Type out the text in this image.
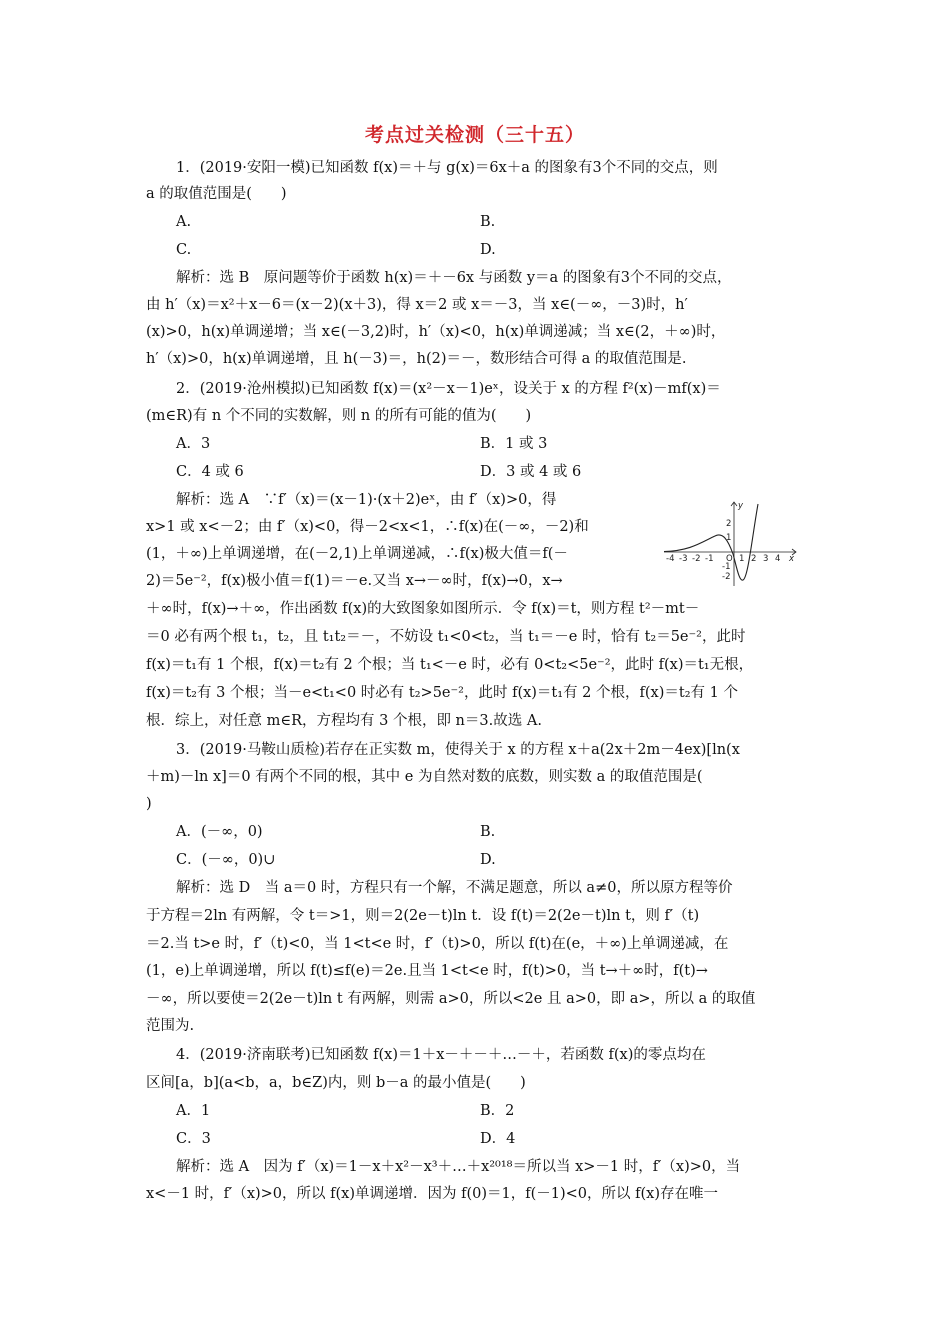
考点过关检测（三十五）
1．(2019·安阳一模)已知函数 f(x)＝＋与 g(x)＝6x＋a 的图象有3个不同的交点，则
a 的取值范围是(　　)
A.	B.
C.	D.
解析：选 B　原问题等价于函数 h(x)＝＋－6x 与函数 y＝a 的图象有3个不同的交点，
由 h′（x)＝x²＋x－6＝(x－2)(x＋3)，得 x＝2 或 x＝－3，当 x∈(－∞，－3)时，h′
(x)>0，h(x)单调递增；当 x∈(－3,2)时，h′（x)<0，h(x)单调递减；当 x∈(2，＋∞)时，
h′（x)>0，h(x)单调递增，且 h(－3)＝，h(2)＝－，数形结合可得 a 的取值范围是.
2．(2019·沧州模拟)已知函数 f(x)＝(x²－x－1)eˣ，设关于 x 的方程 f²(x)－mf(x)＝
(m∈R)有 n 个不同的实数解，则 n 的所有可能的值为(　　)
A．3	B．1 或 3
C．4 或 6	D．3 或 4 或 6
解析：选 A　∵f′（x)＝(x－1)·(x＋2)eˣ，由 f′（x)>0，得
x>1 或 x<－2；由 f′（x)<0，得－2<x<1，∴f(x)在(－∞，－2)和
(1，＋∞)上单调递增，在(－2,1)上单调递减，∴f(x)极大值＝f(－
2)＝5e⁻²，f(x)极小值＝f(1)＝－e.又当 x→－∞时，f(x)→0，x→
＋∞时，f(x)→＋∞，作出函数 f(x)的大致图象如图所示．令 f(x)＝t，则方程 t²－mt－
＝0 必有两个根 t₁，t₂，且 t₁t₂＝－，不妨设 t₁<0<t₂，当 t₁＝－e 时，恰有 t₂＝5e⁻²，此时
f(x)＝t₁有 1 个根，f(x)＝t₂有 2 个根；当 t₁<－e 时，必有 0<t₂<5e⁻²，此时 f(x)＝t₁无根，
f(x)＝t₂有 3 个根；当－e<t₁<0 时必有 t₂>5e⁻²，此时 f(x)＝t₁有 2 个根，f(x)＝t₂有 1 个
根．综上，对任意 m∈R，方程均有 3 个根，即 n＝3.故选 A.
-4 -3 -2 -1 O 1 2 3 4 x
2
1
-1
-2
y
3．(2019·马鞍山质检)若存在正实数 m，使得关于 x 的方程 x＋a(2x＋2m－4ex)[ln(x
＋m)－ln x]＝0 有两个不同的根，其中 e 为自然对数的底数，则实数 a 的取值范围是(
)
A．(－∞，0)	B.
C．(－∞，0)∪	D.
解析：选 D　当 a＝0 时，方程只有一个解，不满足题意，所以 a≠0，所以原方程等价
于方程＝2ln 有两解，令 t＝>1，则＝2(2e－t)ln t．设 f(t)＝2(2e－t)ln t，则 f′（t)
＝2.当 t>e 时，f′（t)<0，当 1<t<e 时，f′（t)>0，所以 f(t)在(e，＋∞)上单调递减，在
(1，e)上单调递增，所以 f(t)≤f(e)＝2e.且当 1<t<e 时，f(t)>0，当 t→＋∞时，f(t)→
－∞，所以要使＝2(2e－t)ln t 有两解，则需 a>0，所以<2e 且 a>0，即 a>，所以 a 的取值
范围为.
4．(2019·济南联考)已知函数 f(x)＝1＋x－＋－＋…－＋，若函数 f(x)的零点均在
区间[a，b](a<b，a，b∈Z)内，则 b－a 的最小值是(　　)
A．1	B．2
C．3	D．4
解析：选 A　因为 f′（x)＝1－x＋x²－x³＋…＋x²⁰¹⁸＝所以当 x>－1 时，f′（x)>0，当
x<－1 时，f′（x)>0，所以 f(x)单调递增．因为 f(0)＝1，f(－1)<0，所以 f(x)存在唯一
